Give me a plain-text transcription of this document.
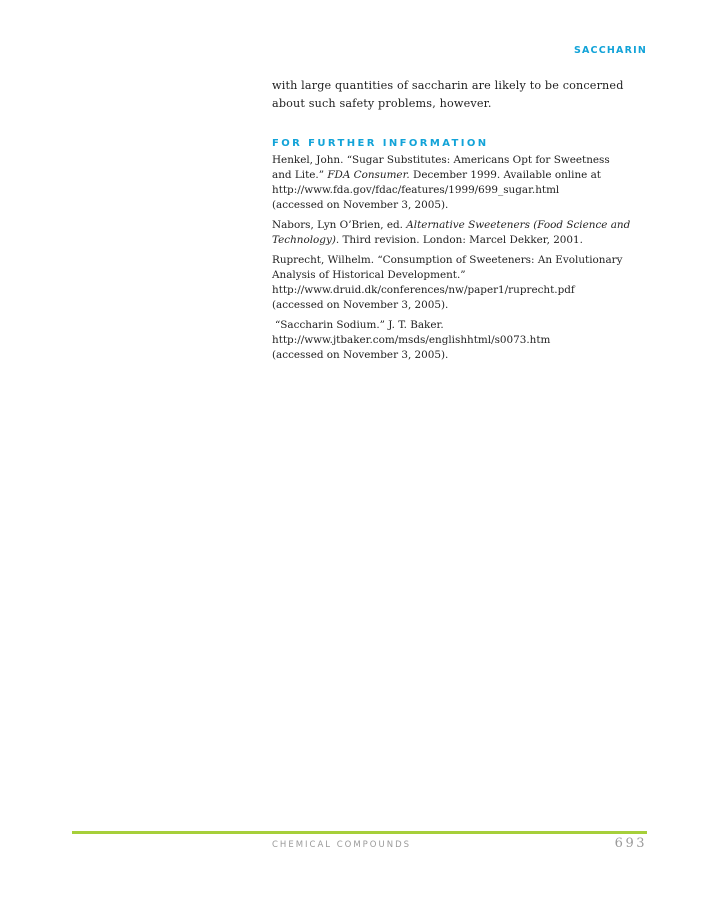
SACCHARIN

with large quantities of saccharin are likely to be concerned
about such safety problems, however.

FOR FURTHER INFORMATION

Henkel, John. “Sugar Substitutes: Americans Opt for Sweetness
and Lite.” FDA Consumer. December 1999. Available online at
http://www.fda.gov/fdac/features/1999/699_sugar.html
(accessed on November 3, 2005).

Nabors, Lyn O’Brien, ed. Alternative Sweeteners (Food Science and
Technology). Third revision. London: Marcel Dekker, 2001.

Ruprecht, Wilhelm. “Consumption of Sweeteners: An Evolutionary
Analysis of Historical Development.”
http://www.druid.dk/conferences/nw/paper1/ruprecht.pdf
(accessed on November 3, 2005).

“Saccharin Sodium.” J. T. Baker.
http://www.jtbaker.com/msds/englishhtml/s0073.htm
(accessed on November 3, 2005).

CHEMICAL COMPOUNDS	693
